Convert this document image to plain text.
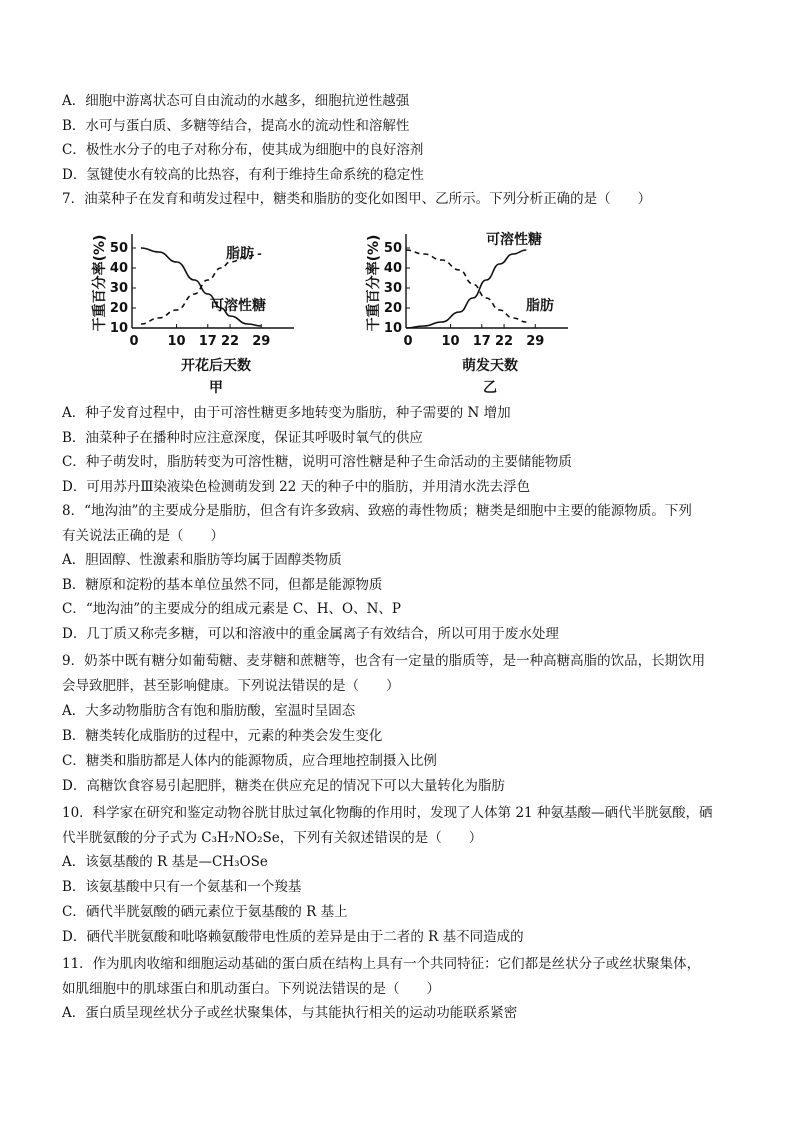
A．细胞中游离状态可自由流动的水越多，细胞抗逆性越强
B．水可与蛋白质、多糖等结合，提高水的流动性和溶解性
C．极性水分子的电子对称分布，使其成为细胞中的良好溶剂
D．氢键使水有较高的比热容，有利于维持生命系统的稳定性
7．油菜种子在发育和萌发过程中，糖类和脂肪的变化如图甲、乙所示。下列分析正确的是（　　）
10
20
30
40
50
0 10 17 22 29
干重百分率(%)
开花后天数
甲
脂肪
可溶性糖
10
20
30
40
50
0 10 17 22 29
干重百分率(%)
萌发天数
乙
可溶性糖
脂肪
A．种子发育过程中，由于可溶性糖更多地转变为脂肪，种子需要的 N 增加
B．油菜种子在播种时应注意深度，保证其呼吸时氧气的供应
C．种子萌发时，脂肪转变为可溶性糖，说明可溶性糖是种子生命活动的主要储能物质
D．可用苏丹Ⅲ染液染色检测萌发到 22 天的种子中的脂肪，并用清水洗去浮色
8．“地沟油”的主要成分是脂肪，但含有许多致病、致癌的毒性物质；糖类是细胞中主要的能源物质。下列
有关说法正确的是（　　）
A．胆固醇、性激素和脂肪等均属于固醇类物质
B．糖原和淀粉的基本单位虽然不同，但都是能源物质
C．“地沟油”的主要成分的组成元素是 C、H、O、N、P
D．几丁质又称壳多糖，可以和溶液中的重金属离子有效结合，所以可用于废水处理
9．奶茶中既有糖分如葡萄糖、麦芽糖和蔗糖等，也含有一定量的脂质等，是一种高糖高脂的饮品，长期饮用
会导致肥胖，甚至影响健康。下列说法错误的是（　　）
A．大多动物脂肪含有饱和脂肪酸，室温时呈固态
B．糖类转化成脂肪的过程中，元素的种类会发生变化
C．糖类和脂肪都是人体内的能源物质，应合理地控制摄入比例
D．高糖饮食容易引起肥胖，糖类在供应充足的情况下可以大量转化为脂肪
10．科学家在研究和鉴定动物谷胱甘肽过氧化物酶的作用时，发现了人体第 21 种氨基酸—硒代半胱氨酸，硒
代半胱氨酸的分子式为 C₃H₇NO₂Se，下列有关叙述错误的是（　　）
A．该氨基酸的 R 基是—CH₃OSe
B．该氨基酸中只有一个氨基和一个羧基
C．硒代半胱氨酸的硒元素位于氨基酸的 R 基上
D．硒代半胱氨酸和吡咯赖氨酸带电性质的差异是由于二者的 R 基不同造成的
11．作为肌肉收缩和细胞运动基础的蛋白质在结构上具有一个共同特征：它们都是丝状分子或丝状聚集体，
如肌细胞中的肌球蛋白和肌动蛋白。下列说法错误的是（　　）
A．蛋白质呈现丝状分子或丝状聚集体，与其能执行相关的运动功能联系紧密
